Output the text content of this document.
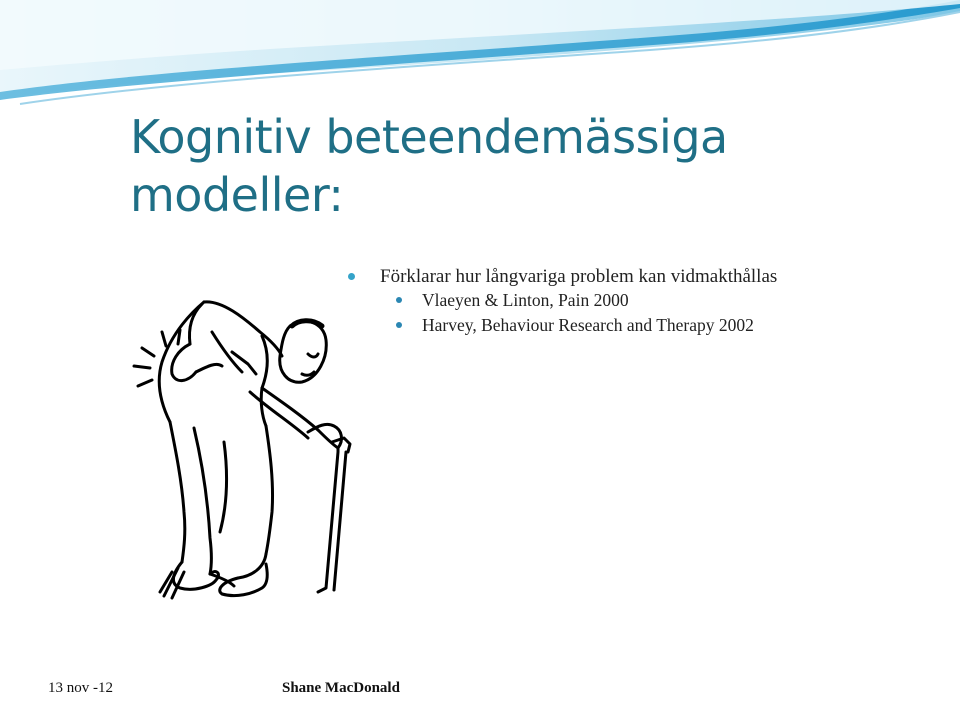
Kognitiv beteendemässiga modeller:
Förklarar hur långvariga problem kan vidmakthållas
Vlaeyen & Linton, Pain 2000
Harvey, Behaviour Research and Therapy 2002
13 nov -12	Shane MacDonald
